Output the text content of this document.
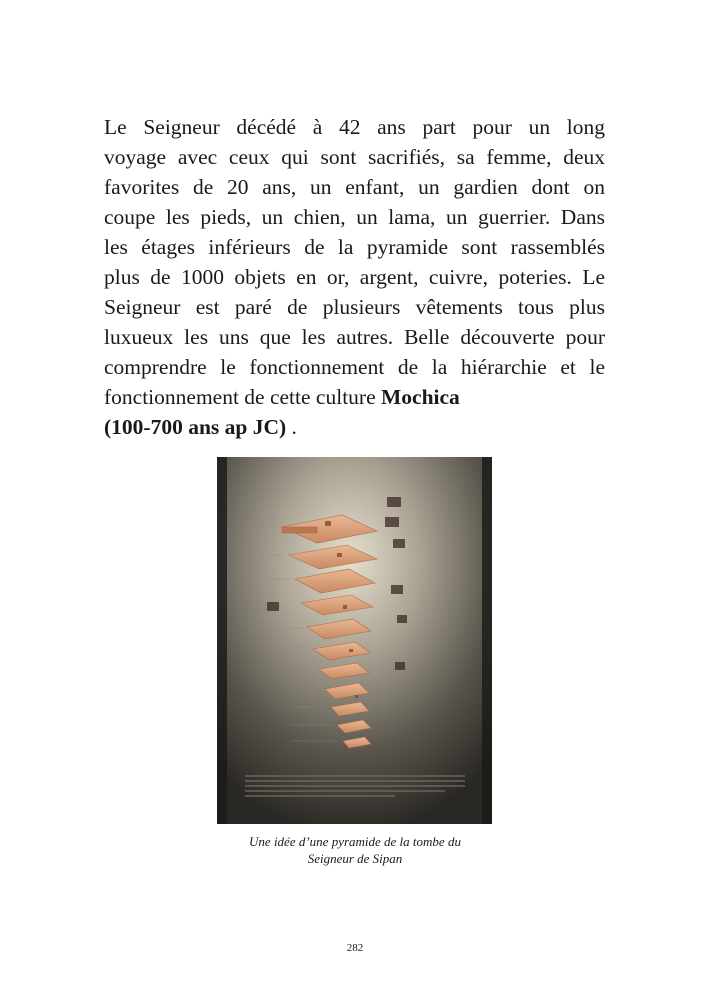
Le Seigneur décédé à 42 ans part pour un long
voyage avec ceux qui sont sacrifiés, sa femme, deux
favorites de 20 ans, un enfant, un gardien dont on
coupe les pieds, un chien, un lama, un guerrier. Dans
les étages inférieurs de la pyramide sont rassemblés
plus de 1000 objets en or, argent, cuivre, poteries. Le
Seigneur est paré de plusieurs vêtements tous plus
luxueux les uns que les autres. Belle découverte pour
comprendre le fonctionnement de la hiérarchie et le
fonctionnement de cette culture Mochica
(100-700 ans ap JC) .
Une idée d’une pyramide de la tombe du
Seigneur de Sipan
282
